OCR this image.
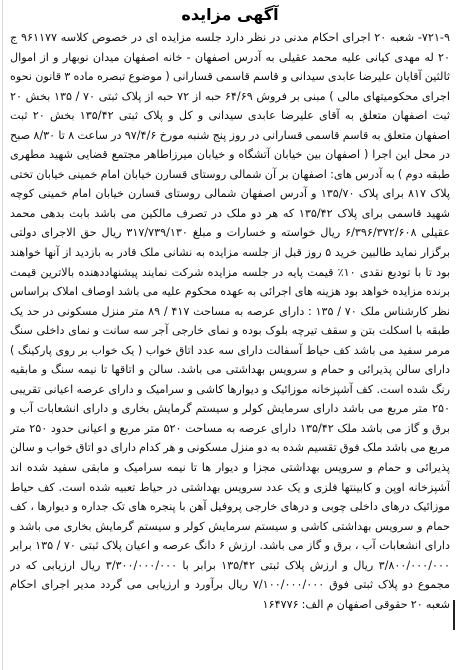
آگهی مزایده

۷۲۱-۹- شعبه ۲۰ اجرای احکام مدنی در نظر دارد جلسه مزایده ای در خصوص کلاسه ۹۶۱۱۷۷ ج ۲۰ له مهدی کیانی علیه محمد عقیلی به آدرس اصفهان - خانه اصفهان میدان نوبهار و از اموال ثالثین آقایان علیرضا عابدی سیدانی و قاسم قاسمی قسارانی ( موضوع تبصره ماده ۳ قانون نحوه اجرای محکومیتهای مالی ) مبنی بر فروش ۶۴/۶۹ حبه از ۷۲ حبه از پلاک ثبتی ۷۰ / ۱۳۵ بخش ۲۰ ثبت اصفهان متعلق به آقای علیرضا عابدی سیدانی و کل و پلاک ثبتی ۱۳۵/۴۲ بخش ۲۰ ثبت اصفهان متعلق به قاسم قاسمی قسارانی در روز پنج شنبه مورخ ۹۷/۴/۶ در ساعت ۸ تا ۸/۳۰ صبح در محل این اجرا ( اصفهان بین خیابان آتشگاه و خیابان میرزاطاهر مجتمع قضایی شهید مطهری طبقه دوم ) به آدرس های: اصفهان بر آن شمالی روستای قسارن خیابان امام خمینی خیابان تختی پلاک ۸۱۷ برای پلاک ۱۳۵/۷۰ و آدرس اصفهان شمالی روستای قسارن خیابان امام خمینی کوچه شهید قاسمی برای پلاک ۱۳۵/۴۲ که هر دو ملک در تصرف مالکین می باشد بابت بدهی محمد عقیلی ۶/۳۹۶/۳۷۲/۶۰۸ ریال خواسته و خسارات و مبلغ ۳۱۷/۷۳۹/۱۳۰ ریال حق الاجرای دولتی برگزار نماید طالبین خرید ۵ روز قبل از جلسه مزایده به نشانی ملک قادر به بازدید از آنها خواهند بود تا با تودیع نقدی ۱۰٪ قیمت پایه در جلسه مزایده شرکت نمایند پیشنهاددهنده بالاترین قیمت برنده مزایده خواهد بود هزینه های اجرائی به عهده محکوم علیه می باشد اوصاف املاک براساس نظر کارشناس ملک ۷۰ / ۱۳۵ : دارای عرصه به مساحت ۴۱۷ / ۸۹ متر منزل مسکونی در حد یک طبقه با اسکلت بتن و سقف تیرچه بلوک بوده و نمای خارجی آجر سه سانت و نمای داخلی سنگ مرمر سفید می باشد کف حیاط آسفالت دارای سه عدد اتاق خواب ( یک خواب بر روی پارکینگ ) دارای سالن پذیرائی و حمام و سرویس بهداشتی می باشد. سالن و اتاقها تا نیمه سنگ و مابقیه رنگ شده است. کف آشپزخانه موزائیک و دیوارها کاشی و سرامیک و دارای عرصه اعیانی تقریبی ۲۵۰ متر مربع می باشد دارای سرمایش کولر و سیستم گرمایش بخاری و دارای انشعابات آب و برق و گاز می باشد ملک ۱۳۵/۴۲ دارای عرصه به مساحت ۵۲۰ متر مربع و اعیانی حدود ۲۵۰ متر مربع می باشد ملک فوق تقسیم شده به دو منزل مسکونی و هر کدام دارای دو اتاق خواب و سالن پذیرائی و حمام و سرویس بهداشتی مجزا و دیوار ها تا نیمه سرامیک و مابقی سفید شده اند آشپزخانه اوپن و کابینتها فلزی و یک عدد سرویس بهداشتی در حیاط تعبیه شده است. کف حیاط موزائیک درهای داخلی چوبی و درهای خارجی پروفیل آهن با پنجره های تک جداره و دیوارها ، کف حمام و سرویس بهداشتی کاشی و سیستم سرمایش کولر و سیستم گرمایش بخاری می باشد و دارای انشعابات آب ، برق و گاز می باشد. ارزش ۶ دانگ عرصه و اعیان پلاک ثبتی ۷۰ / ۱۳۵ برابر ۳/۸۰۰/۰۰۰/۰۰۰ ریال و ارزش پلاک ثبتی ۱۳۵/۴۲ برابر با ۳/۳۰۰/۰۰۰/۰۰۰ ریال ارزیابی که در مجموع دو پلاک ثبتی فوق ۷/۱۰۰/۰۰۰/۰۰۰ ریال برآورد و ارزیابی می گردد مدیر اجرای احکام شعبه ۲۰ حقوقی اصفهان م الف: ۱۶۴۷۷۶
